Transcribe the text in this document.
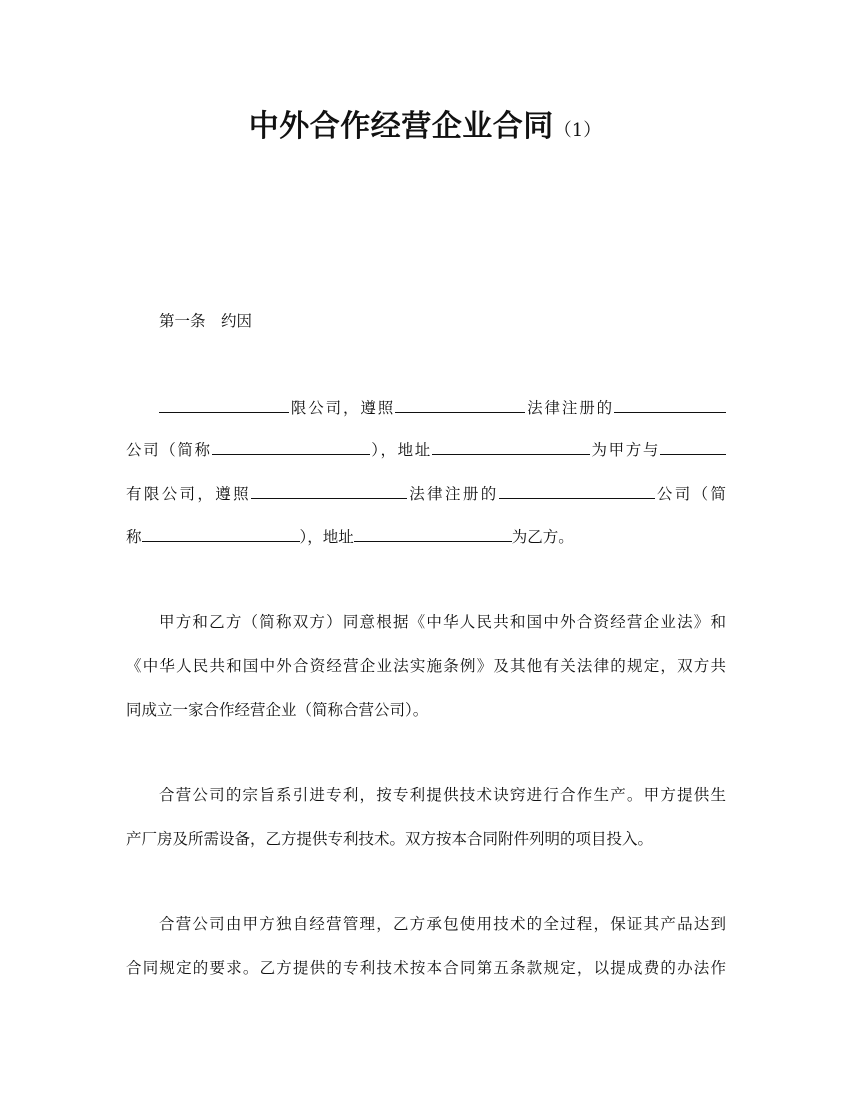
中外合作经营企业合同（1）
第一条　约因
限公司，遵照	法律注册的
公司（简称	），地址	为甲方与
有限公司，遵照	法律注册的	公司（简
称	），地址	为乙方。
甲方和乙方（简称双方）同意根据《中华人民共和国中外合资经营企业法》和
《中华人民共和国中外合资经营企业法实施条例》及其他有关法律的规定，双方共
同成立一家合作经营企业（简称合营公司）。
合营公司的宗旨系引进专利，按专利提供技术诀窍进行合作生产。甲方提供生
产厂房及所需设备，乙方提供专利技术。双方按本合同附件列明的项目投入。
合营公司由甲方独自经营管理，乙方承包使用技术的全过程，保证其产品达到
合同规定的要求。乙方提供的专利技术按本合同第五条款规定，以提成费的办法作
